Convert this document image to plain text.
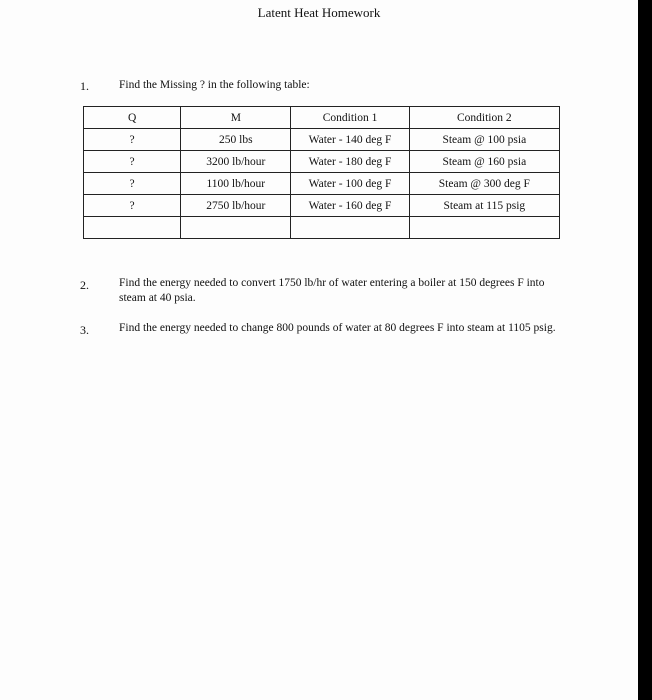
Latent Heat Homework
1.	Find the Missing ? in the following table:
Q	M	Condition 1	Condition 2
?	250 lbs	Water - 140 deg F	Steam @ 100 psia
?	3200 lb/hour	Water - 180 deg F	Steam @ 160 psia
?	1100 lb/hour	Water - 100 deg F	Steam @ 300 deg F
?	2750 lb/hour	Water - 160 deg F	Steam at 115 psig

2.	Find the energy needed to convert 1750 lb/hr of water entering a boiler at 150 degrees F into steam at 40 psia.
3.	Find the energy needed to change 800 pounds of water at 80 degrees F into steam at 1105 psig.
